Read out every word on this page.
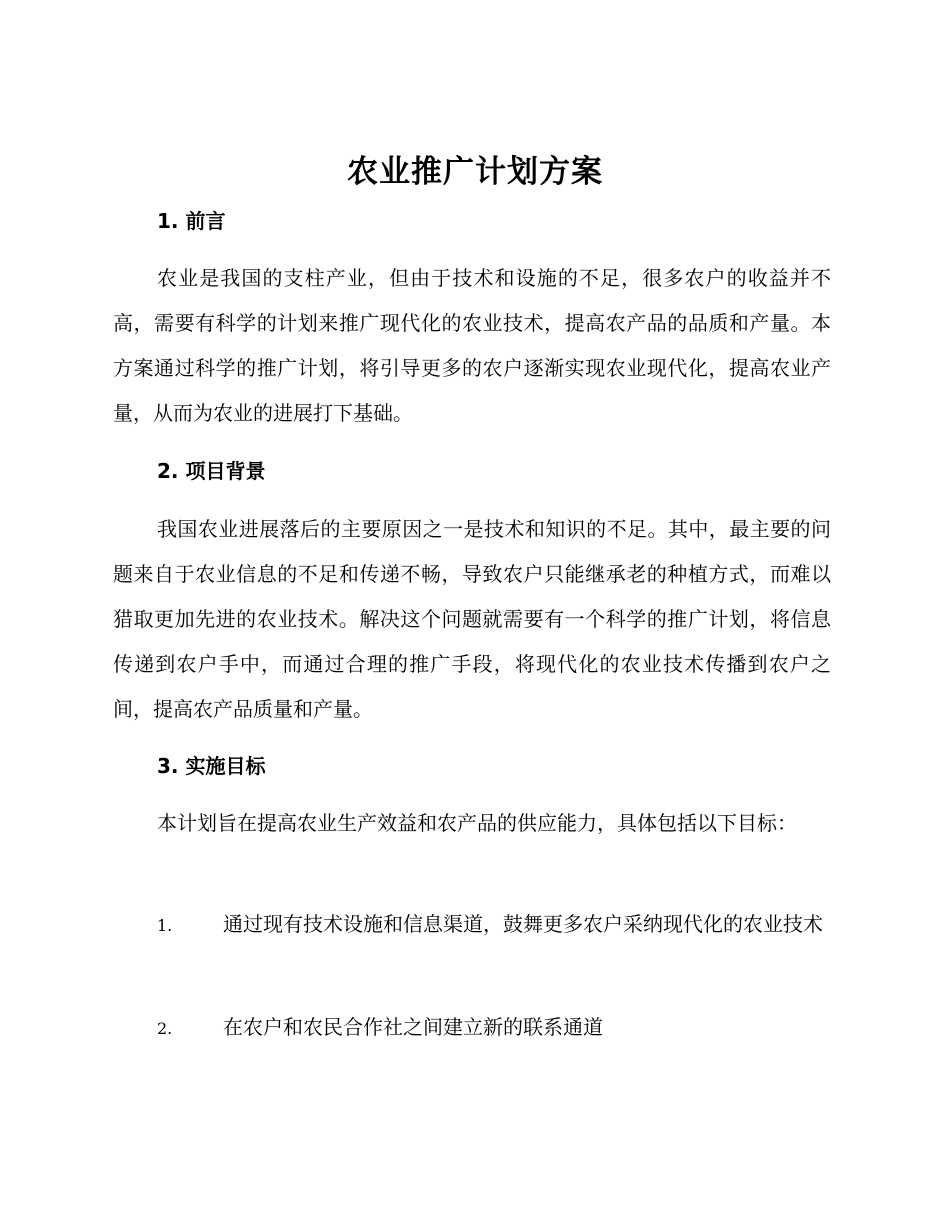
农业推广计划方案
1. 前言

农业是我国的支柱产业，但由于技术和设施的不足，很多农户的收益并不高，需要有科学的计划来推广现代化的农业技术，提高农产品的品质和产量。本方案通过科学的推广计划，将引导更多的农户逐渐实现农业现代化，提高农业产量，从而为农业的进展打下基础。

2. 项目背景

我国农业进展落后的主要原因之一是技术和知识的不足。其中，最主要的问题来自于农业信息的不足和传递不畅，导致农户只能继承老的种植方式，而难以猎取更加先进的农业技术。解决这个问题就需要有一个科学的推广计划，将信息传递到农户手中，而通过合理的推广手段，将现代化的农业技术传播到农户之间，提高农产品质量和产量。

3. 实施目标

本计划旨在提高农业生产效益和农产品的供应能力，具体包括以下目标：

1.	通过现有技术设施和信息渠道，鼓舞更多农户采纳现代化的农业技术

2.	在农户和农民合作社之间建立新的联系通道
